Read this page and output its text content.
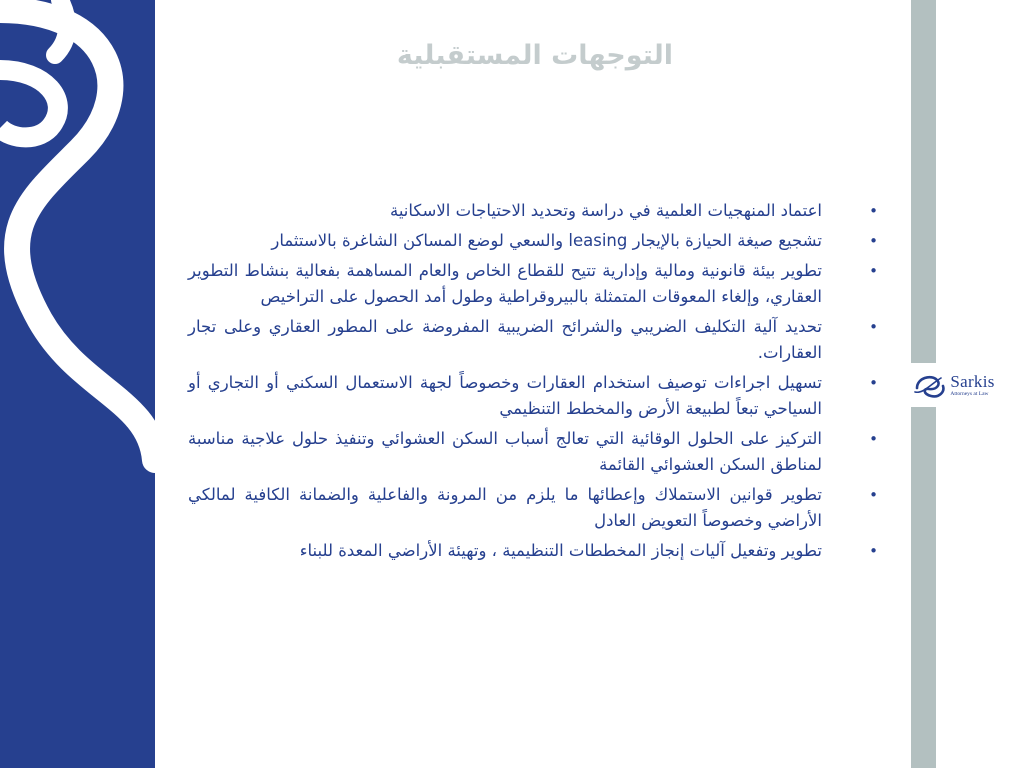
Sarkis
Attorneys at Law
التوجهات المستقبلية
•
اعتماد المنهجيات العلمية في دراسة وتحديد الاحتياجات الاسكانية
•
تشجيع صيغة الحيازة بالإيجار leasing والسعي لوضع المساكن الشاغرة بالاستثمار
•
تطوير بيئة قانونية ومالية وإدارية تتيح للقطاع الخاص والعام المساهمة بفعالية بنشاط التطوير العقاري، وإلغاء المعوقات المتمثلة بالبيروقراطية وطول أمد الحصول على التراخيص
•
تحديد آلية التكليف الضريبي والشرائح الضريبية المفروضة على المطور العقاري وعلى تجار العقارات.
•
تسهيل اجراءات توصيف استخدام العقارات وخصوصاً لجهة الاستعمال السكني أو التجاري أو السياحي تبعاً لطبيعة الأرض والمخطط التنظيمي
•
التركيز على الحلول الوقائية التي تعالج أسباب السكن العشوائي وتنفيذ حلول علاجية مناسبة لمناطق السكن العشوائي القائمة
•
تطوير قوانين الاستملاك وإعطائها ما يلزم من المرونة والفاعلية والضمانة الكافية لمالكي الأراضي وخصوصاً التعويض العادل
•
تطوير وتفعيل آليات إنجاز المخططات التنظيمية ، وتهيئة الأراضي المعدة للبناء
